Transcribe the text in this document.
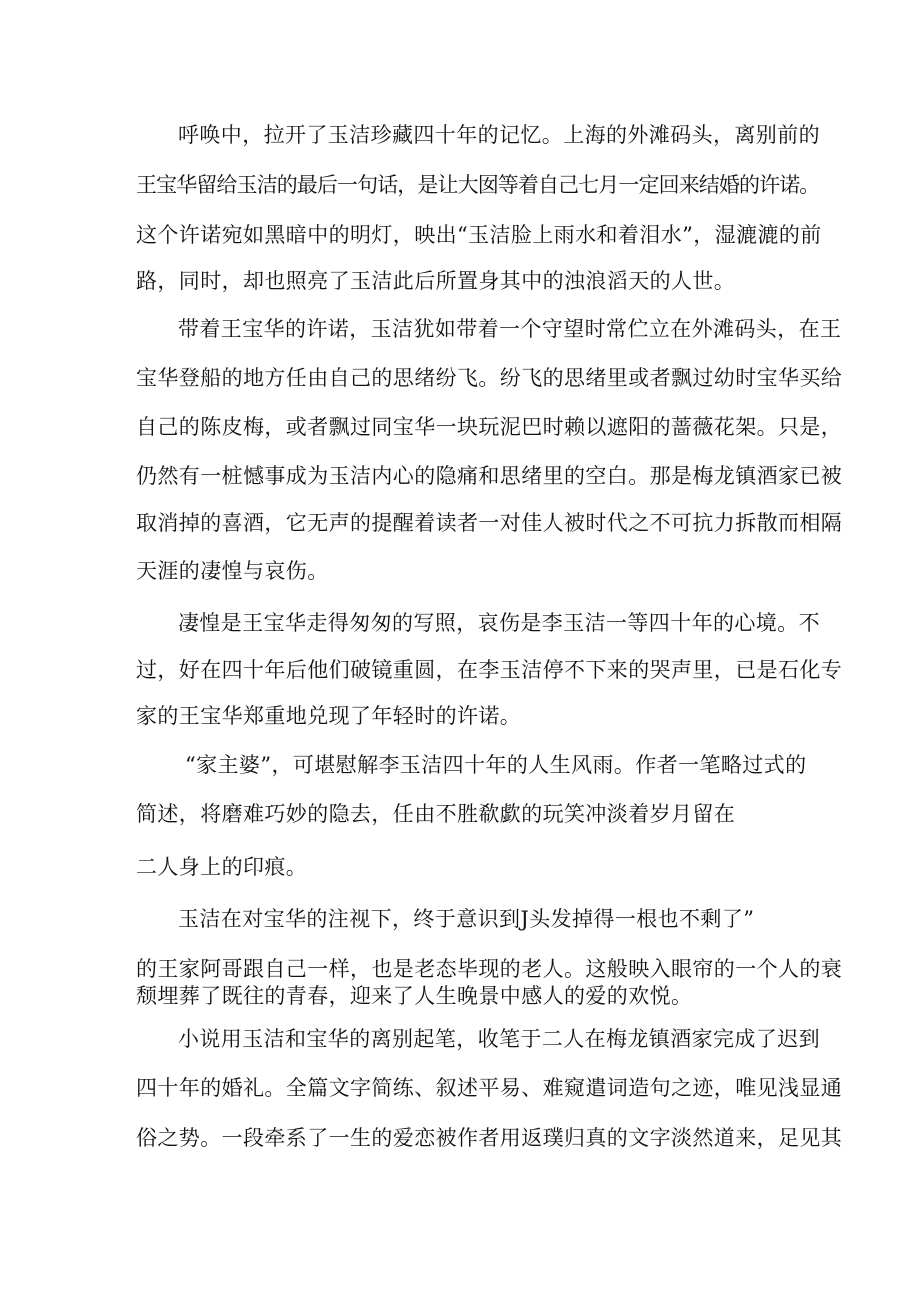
呼唤中，拉开了玉洁珍藏四十年的记忆。上海的外滩码头，离别前的

王宝华留给玉洁的最后一句话，是让大囡等着自己七月一定回来结婚的许诺。

这个许诺宛如黑暗中的明灯，映出“玉洁脸上雨水和着泪水”，湿漉漉的前

路，同时，却也照亮了玉洁此后所置身其中的浊浪滔天的人世。

带着王宝华的许诺，玉洁犹如带着一个守望时常伫立在外滩码头，在王

宝华登船的地方任由自己的思绪纷飞。纷飞的思绪里或者飘过幼时宝华买给

自己的陈皮梅，或者飘过同宝华一块玩泥巴时赖以遮阳的蔷薇花架。只是，

仍然有一桩憾事成为玉洁内心的隐痛和思绪里的空白。那是梅龙镇酒家已被

取消掉的喜酒，它无声的提醒着读者一对佳人被时代之不可抗力拆散而相隔

天涯的凄惶与哀伤。

凄惶是王宝华走得匆匆的写照，哀伤是李玉洁一等四十年的心境。不

过，好在四十年后他们破镜重圆，在李玉洁停不下来的哭声里，已是石化专

家的王宝华郑重地兑现了年轻时的许诺。

“家主婆”，可堪慰解李玉洁四十年的人生风雨。作者一笔略过式的

简述，将磨难巧妙的隐去，任由不胜欷歔的玩笑冲淡着岁月留在

二人身上的印痕。

玉洁在对宝华的注视下，终于意识到J头发掉得一根也不剩了”

的王家阿哥跟自己一样，也是老态毕现的老人。这般映入眼帘的一个人的衰

颓埋葬了既往的青春，迎来了人生晚景中感人的爱的欢悦。

小说用玉洁和宝华的离别起笔，收笔于二人在梅龙镇酒家完成了迟到

四十年的婚礼。全篇文字简练、叙述平易、难窥遣词造句之迹，唯见浅显通

俗之势。一段牵系了一生的爱恋被作者用返璞归真的文字淡然道来，足见其
